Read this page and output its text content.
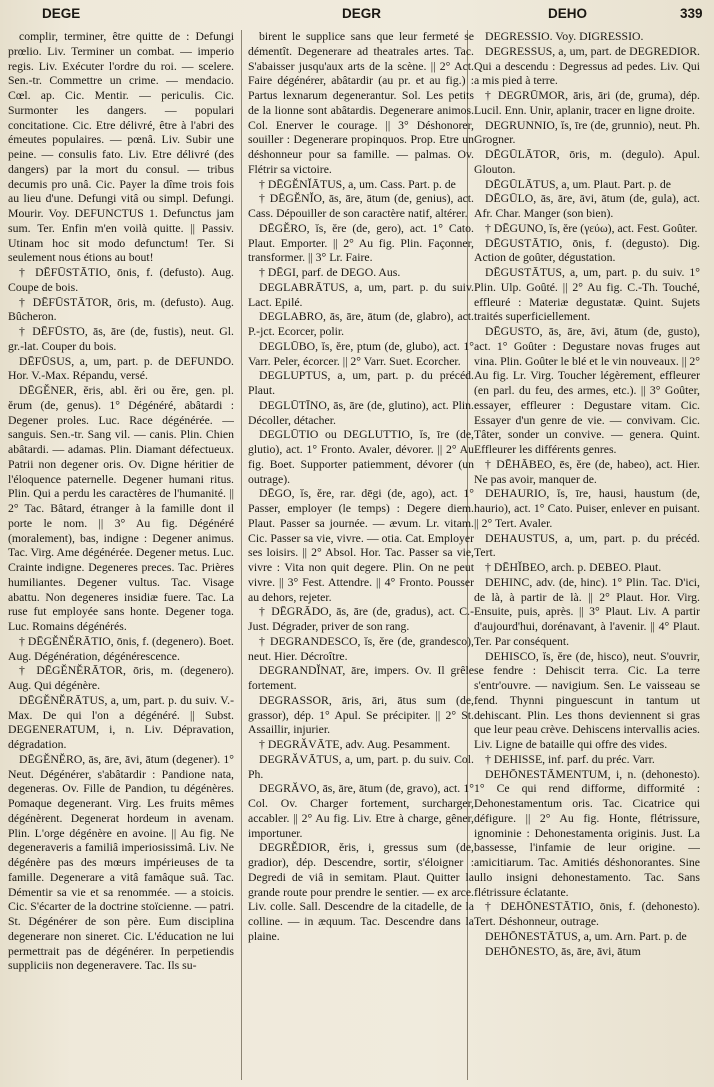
DEGE	DEGR	DEHO	339

complir, terminer, être quitte de : Defungi prœlio. Liv. Terminer un combat. — imperio regis. Liv. Exécuter l'ordre du roi. — scelere. Sen.-tr. Commettre un crime. — mendacio. Cœl. ap. Cic. Mentir. — periculis. Cic. Surmonter les dangers. — populari concitatione. Cic. Etre délivré, être à l'abri des émeutes populaires. — pœnâ. Liv. Subir une peine. — consulis fato. Liv. Etre délivré (des dangers) par la mort du consul. — tribus decumis pro unâ. Cic. Payer la dîme trois fois au lieu d'une. Defungi vitâ ou simpl. Defungi. Mourir. Voy. DEFUNCTUS 1. Defunctus jam sum. Ter. Enfin m'en voilà quitte. || Passiv. Utinam hoc sit modo defunctum! Ter. Si seulement nous étions au bout!

† DĒFŪSTĀTIO, ōnis, f. (defusto). Aug. Coupe de bois.

† DĒFŪSTĀTOR, ōris, m. (defusto). Aug. Bûcheron.

† DĒFŪSTO, ās, āre (de, fustis), neut. Gl. gr.-lat. Couper du bois.

DĒFŪSUS, a, um, part. p. de DEFUNDO. Hor. V.-Max. Répandu, versé.

DĒGĚNER, ĕris, abl. ĕri ou ĕre, gen. pl. ĕrum (de, genus). 1° Dégénéré, abâtardi : Degener proles. Luc. Race dégénérée. — sanguis. Sen.-tr. Sang vil. — canis. Plin. Chien abâtardi. — adamas. Plin. Diamant défectueux. Patrii non degener oris. Ov. Digne héritier de l'éloquence paternelle. Degener humani ritus. Plin. Qui a perdu les caractères de l'humanité. || 2° Tac. Bâtard, étranger à la famille dont il porte le nom. || 3° Au fig. Dégénéré (moralement), bas, indigne : Degener animus. Tac. Virg. Ame dégénérée. Degener metus. Luc. Crainte indigne. Degeneres preces. Tac. Prières humiliantes. Degener vultus. Tac. Visage abattu. Non degeneres insidiæ fuere. Tac. La ruse fut employée sans honte. Degener toga. Luc. Romains dégénérés.

† DĒGĔNĔRĀTIO, ōnis, f. (degenero). Boet. Aug. Dégénération, dégénérescence.

† DĒGĔNĔRĀTOR, ōris, m. (degenero). Aug. Qui dégénère.

DĒGĔNĔRĀTUS, a, um, part. p. du suiv. V.-Max. De qui l'on a dégénéré. || Subst. DEGENERATUM, i, n. Liv. Dépravation, dégradation.

DĒGĔNĔRO, ās, āre, āvi, ātum (degener). 1° Neut. Dégénérer, s'abâtardir : Pandione nata, degeneras. Ov. Fille de Pandion, tu dégénères. Pomaque degenerant. Virg. Les fruits mêmes dégénèrent. Degenerat hordeum in avenam. Plin. L'orge dégénère en avoine. || Au fig. Ne degeneraveris a familiâ imperiosissimâ. Liv. Ne dégénère pas des mœurs impérieuses de ta famille. Degenerare a vitâ famâque suâ. Tac. Démentir sa vie et sa renommée. — a stoicis. Cic. S'écarter de la doctrine stoïcienne. — patri. St. Dégénérer de son père. Eum disciplina degenerare non sineret. Cic. L'éducation ne lui permettrait pas de dégénérer. In perpetiendis suppliciis non degeneravere. Tac. Ils su-

birent le supplice sans que leur fermeté se démentît. Degenerare ad theatrales artes. Tac. S'abaisser jusqu'aux arts de la scène. || 2° Act. Faire dégénérer, abâtardir (au pr. et au fig.) : Partus lexnarum degenerantur. Sol. Les petits de la lionne sont abâtardis. Degenerare animos. Col. Enerver le courage. || 3° Déshonorer, souiller : Degenerare propinquos. Prop. Etre un déshonneur pour sa famille. — palmas. Ov. Flétrir sa victoire.

† DĒGĔNĬĀTUS, a, um. Cass. Part. p. de

† DĒGĔNĬO, ās, āre, ātum (de, genius), act. Cass. Dépouiller de son caractère natif, altérer.

DĒGĔRO, ĭs, ĕre (de, gero), act. 1° Cato. Plaut. Emporter. || 2° Au fig. Plin. Façonner, transformer. || 3° Lr. Faire.

† DĒGI, parf. de DEGO. Aus.

DEGLABRĀTUS, a, um, part. p. du suiv. Lact. Epilé.

DEGLABRO, ās, āre, ātum (de, glabro), act. P.-jct. Ecorcer, polir.

DEGLŪBO, ĭs, ĕre, ptum (de, glubo), act. 1° Varr. Peler, écorcer. || 2° Varr. Suet. Ecorcher.

DEGLUPTUS, a, um, part. p. du précéd. Plaut.

DEGLŪTĪNO, ās, āre (de, glutino), act. Plin. Décoller, détacher.

DEGLŪTIO ou DEGLUTTIO, ĭs, īre (de, glutio), act. 1° Fronto. Avaler, dévorer. || 2° Au fig. Boet. Supporter patiemment, dévorer (un outrage).

DĒGO, ĭs, ĕre, rar. dēgi (de, ago), act. 1° Passer, employer (le temps) : Degere diem. Plaut. Passer sa journée. — ævum. Lr. vitam. Cic. Passer sa vie, vivre. — otia. Cat. Employer ses loisirs. || 2° Absol. Hor. Tac. Passer sa vie, vivre : Vita non quit degere. Plin. On ne peut vivre. || 3° Fest. Attendre. || 4° Fronto. Pousser au dehors, rejeter.

† DĒGRĀDO, ās, āre (de, gradus), act. C.-Just. Dégrader, priver de son rang.

† DEGRANDESCO, ĭs, ĕre (de, grandesco), neut. Hier. Décroître.

DEGRANDĬNAT, āre, impers. Ov. Il grêle fortement.

DEGRASSOR, āris, āri, ātus sum (de, grassor), dép. 1° Apul. Se précipiter. || 2° St. Assaillir, injurier.

† DEGRĂVĀTE, adv. Aug. Pesamment.

DEGRĂVĀTUS, a, um, part. p. du suiv. Col. Ph.

DEGRĂVO, ās, āre, ātum (de, gravo), act. 1° Col. Ov. Charger fortement, surcharger, accabler. || 2° Au fig. Liv. Etre à charge, gêner, importuner.

DEGRĔDIOR, ĕris, i, gressus sum (de, gradior), dép. Descendre, sortir, s'éloigner : Degredi de viâ in semitam. Plaut. Quitter la grande route pour prendre le sentier. — ex arce. Liv. colle. Sall. Descendre de la citadelle, de la colline. — in æquum. Tac. Descendre dans la plaine.

DEGRESSIO. Voy. DIGRESSIO.

DEGRESSUS, a, um, part. de DEGREDIOR. Qui a descendu : Degressus ad pedes. Liv. Qui a mis pied à terre.

† DEGRŪMOR, āris, āri (de, gruma), dép. Lucil. Enn. Unir, aplanir, tracer en ligne droite.

DEGRUNNIO, ĭs, īre (de, grunnio), neut. Ph. Grogner.

DĒGŪLĀTOR, ōris, m. (degulo). Apul. Glouton.

DĒGŪLĀTUS, a, um. Plaut. Part. p. de

DĒGŪLO, ās, āre, āvi, ātum (de, gula), act. Afr. Char. Manger (son bien).

† DĒGUNO, ĭs, ĕre (γεύω), act. Fest. Goûter.

DĒGUSTĀTIO, ōnis, f. (degusto). Dig. Action de goûter, dégustation.

DĒGUSTĀTUS, a, um, part. p. du suiv. 1° Plin. Ulp. Goûté. || 2° Au fig. C.-Th. Touché, effleuré : Materiæ degustatæ. Quint. Sujets traités superficiellement.

DĒGUSTO, ās, āre, āvi, ātum (de, gusto), act. 1° Goûter : Degustare novas fruges aut vina. Plin. Goûter le blé et le vin nouveaux. || 2° Au fig. Lr. Virg. Toucher légèrement, effleurer (en parl. du feu, des armes, etc.). || 3° Goûter, essayer, effleurer : Degustare vitam. Cic. Essayer d'un genre de vie. — convivam. Cic. Tâter, sonder un convive. — genera. Quint. Effleurer les différents genres.

† DĒHĀBEO, ēs, ĕre (de, habeo), act. Hier. Ne pas avoir, manquer de.

DEHAURIO, ĭs, īre, hausi, haustum (de, haurio), act. 1° Cato. Puiser, enlever en puisant. || 2° Tert. Avaler.

DEHAUSTUS, a, um, part. p. du précéd. Tert.

† DĒHĬBEO, arch. p. DEBEO. Plaut.

DEHINC, adv. (de, hinc). 1° Plin. Tac. D'ici, de là, à partir de là. || 2° Plaut. Hor. Virg. Ensuite, puis, après. || 3° Plaut. Liv. A partir d'aujourd'hui, dorénavant, à l'avenir. || 4° Plaut. Ter. Par conséquent.

DEHISCO, ĭs, ĕre (de, hisco), neut. S'ouvrir, se fendre : Dehiscit terra. Cic. La terre s'entr'ouvre. — navigium. Sen. Le vaisseau se fend. Thynni pinguescunt in tantum ut dehiscant. Plin. Les thons deviennent si gras que leur peau crève. Dehiscens intervallis acies. Liv. Ligne de bataille qui offre des vides.

† DEHISSE, inf. parf. du préc. Varr.

DEHŌNESTĀMENTUM, i, n. (dehonesto). 1° Ce qui rend difforme, difformité : Dehonestamentum oris. Tac. Cicatrice qui défigure. || 2° Au fig. Honte, flétrissure, ignominie : Dehonestamenta originis. Just. La bassesse, l'infamie de leur origine. — amicitiarum. Tac. Amitiés déshonorantes. Sine ullo insigni dehonestamento. Tac. Sans flétrissure éclatante.

† DEHŌNESTĀTIO, ōnis, f. (dehonesto). Tert. Déshonneur, outrage.

DEHŌNESTĀTUS, a, um. Arn. Part. p. de

DEHŌNESTO, ās, āre, āvi, ātum
